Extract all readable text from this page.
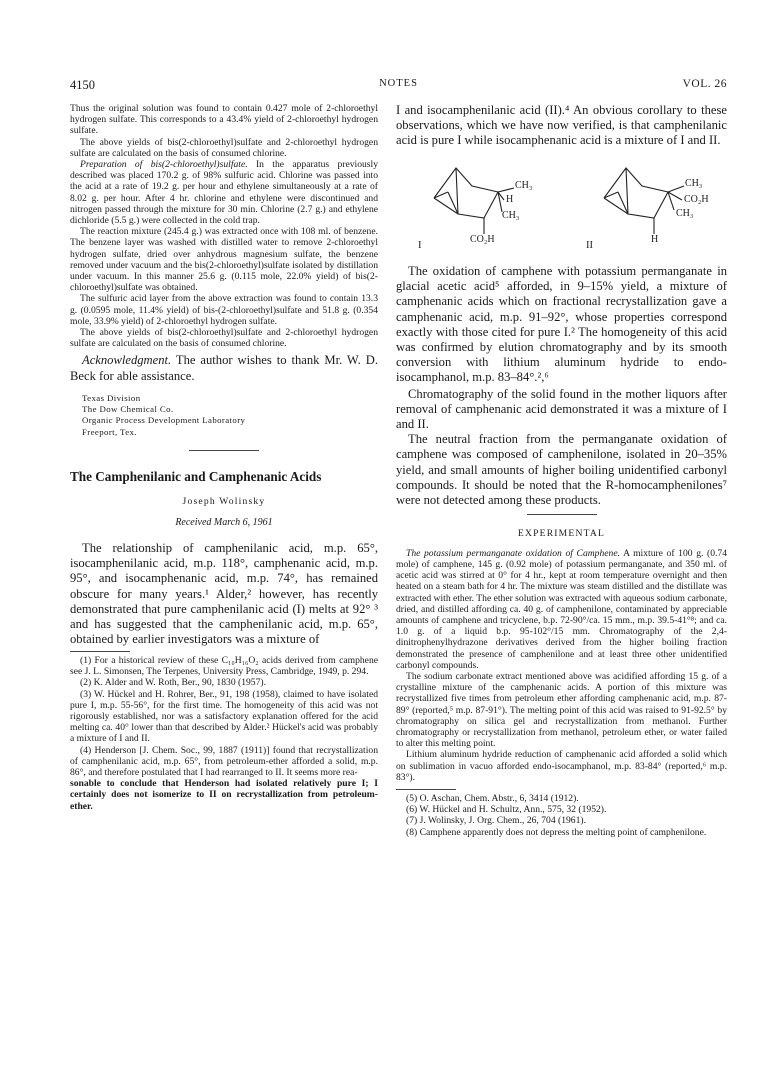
4150	NOTES	VOL. 26

Thus the original solution was found to contain 0.427 mole of 2-chloroethyl hydrogen sulfate. This corresponds to a 43.4% yield of 2-chloroethyl hydrogen sulfate.

The above yields of bis(2-chloroethyl)sulfate and 2-chloroethyl hydrogen sulfate are calculated on the basis of consumed chlorine.

Preparation of bis(2-chloroethyl)sulfate. In the apparatus previously described was placed 170.2 g. of 98% sulfuric acid. Chlorine was passed into the acid at a rate of 19.2 g. per hour and ethylene simultaneously at a rate of 8.02 g. per hour. After 4 hr. chlorine and ethylene were discontinued and nitrogen passed through the mixture for 30 min. Chlorine (2.7 g.) and ethylene dichloride (5.5 g.) were collected in the cold trap.

The reaction mixture (245.4 g.) was extracted once with 108 ml. of benzene. The benzene layer was washed with distilled water to remove 2-chloroethyl hydrogen sulfate, dried over anhydrous magnesium sulfate, the benzene removed under vacuum and the bis(2-chloroethyl)sulfate isolated by distillation under vacuum. In this manner 25.6 g. (0.115 mole, 22.0% yield) of bis(2-chloroethyl)sulfate was obtained.

The sulfuric acid layer from the above extraction was found to contain 13.3 g. (0.0595 mole, 11.4% yield) of bis-(2-chloroethyl)sulfate and 51.8 g. (0.354 mole, 33.9% yield) of 2-chloroethyl hydrogen sulfate.

The above yields of bis(2-chloroethyl)sulfate and 2-chloroethyl hydrogen sulfate are calculated on the basis of consumed chlorine.

Acknowledgment. The author wishes to thank Mr. W. D. Beck for able assistance.

Texas Division
The Dow Chemical Co.
Organic Process Development Laboratory
Freeport, Tex.
The Camphenilanic and Camphenanic Acids
Joseph Wolinsky
Received March 6, 1961

The relationship of camphenilanic acid, m.p. 65°, isocamphenilanic acid, m.p. 118°, camphenanic acid, m.p. 95°, and isocamphenanic acid, m.p. 74°, has remained obscure for many years.¹ Alder,² however, has recently demonstrated that pure camphenilanic acid (I) melts at 92° ³ and has suggested that the camphenilanic acid, m.p. 65°, obtained by earlier investigators was a mixture of

(1) For a historical review of these C₁₀H₁₆O₂ acids derived from camphene see J. L. Simonsen, The Terpenes, University Press, Cambridge, 1949, p. 294.

(2) K. Alder and W. Roth, Ber., 90, 1830 (1957).

(3) W. Hückel and H. Rohrer, Ber., 91, 198 (1958), claimed to have isolated pure I, m.p. 55-56°, for the first time. The homogeneity of this acid was not rigorously established, nor was a satisfactory explanation offered for the acid melting ca. 40° lower than that described by Alder.² Hückel's acid was probably a mixture of I and II.

(4) Henderson [J. Chem. Soc., 99, 1887 (1911)] found that recrystallization of camphenilanic acid, m.p. 65°, from petroleum-ether afforded a solid, m.p. 86°, and therefore postulated that I had rearranged to II. It seems more rea-

sonable to conclude that Henderson had isolated relatively pure I; I certainly does not isomerize to II on recrystallization from petroleum-ether.

I and isocamphenilanic acid (II).⁴ An obvious corollary to these observations, which we have now verified, is that camphenilanic acid is pure I while isocamphenanic acid is a mixture of I and II.

CH₃
H
CH₃
CO₂H
I
CH₃
CO₂H
CH₃
H
II

The oxidation of camphene with potassium permanganate in glacial acetic acid⁵ afforded, in 9–15% yield, a mixture of camphenanic acids which on fractional recrystallization gave a camphenanic acid, m.p. 91–92°, whose properties correspond exactly with those cited for pure I.² The homogeneity of this acid was confirmed by elution chromatography and by its smooth conversion with lithium aluminum hydride to endo-isocamphanol, m.p. 83–84°.²,⁶

Chromatography of the solid found in the mother liquors after removal of camphenanic acid demonstrated it was a mixture of I and II.

The neutral fraction from the permanganate oxidation of camphene was composed of camphenilone, isolated in 20–35% yield, and small amounts of higher boiling unidentified carbonyl compounds. It should be noted that the R-homocamphenilones⁷ were not detected among these products.

EXPERIMENTAL

The potassium permanganate oxidation of Camphene. A mixture of 100 g. (0.74 mole) of camphene, 145 g. (0.92 mole) of potassium permanganate, and 350 ml. of acetic acid was stirred at 0° for 4 hr., kept at room temperature overnight and then heated on a steam bath for 4 hr. The mixture was steam distilled and the distillate was extracted with ether. The ether solution was extracted with aqueous sodium carbonate, dried, and distilled affording ca. 40 g. of camphenilone, contaminated by appreciable amounts of camphene and tricyclene, b.p. 72-90°/ca. 15 mm., m.p. 39.5-41°⁸; and ca. 1.0 g. of a liquid b.p. 95-102°/15 mm. Chromatography of the 2,4-dinitrophenylhydrazone derivatives derived from the higher boiling fraction demonstrated the presence of camphenilone and at least three other unidentified carbonyl compounds.

The sodium carbonate extract mentioned above was acidified affording 15 g. of a crystalline mixture of the camphenanic acids. A portion of this mixture was recrystallized five times from petroleum ether affording camphenanic acid, m.p. 87-89° (reported,⁵ m.p. 87-91°). The melting point of this acid was raised to 91-92.5° by chromatography on silica gel and recrystallization from methanol. Further chromatography or recrystallization from methanol, petroleum ether, or water failed to alter this melting point.

Lithium aluminum hydride reduction of camphenanic acid afforded a solid which on sublimation in vacuo afforded endo-isocamphanol, m.p. 83-84° (reported,⁶ m.p. 83°).

(5) O. Aschan, Chem. Abstr., 6, 3414 (1912).

(6) W. Hückel and H. Schultz, Ann., 575, 32 (1952).

(7) J. Wolinsky, J. Org. Chem., 26, 704 (1961).

(8) Camphene apparently does not depress the melting point of camphenilone.
